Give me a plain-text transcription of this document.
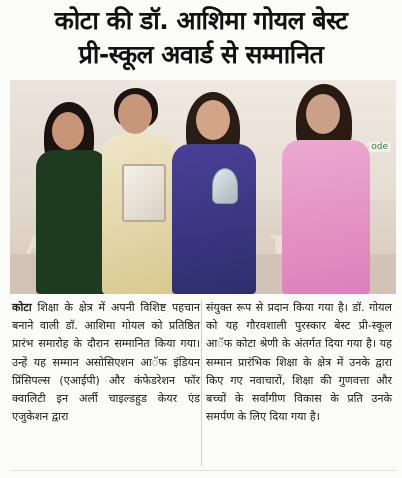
कोटा की डॉ. आशिमा गोयल बेस्ट
प्री-स्कूल अवार्ड से सम्मानित
ode

कोटा शिक्षा के क्षेत्र में अपनी विशिष्ट पहचान बनाने वाली डॉ. आशिमा गोयल को प्रतिष्ठित प्रारंभ समारोह के दौरान सम्मानित किया गया। उन्हें यह सम्मान असोसिएशन आॅफ इंडियन प्रिंसिपल्स (एआईपी) और कंफेडरेशन फॉर क्वालिटी इन अर्ली चाइल्डहुड केयर एंड एजुकेशन द्वारा

संयुक्त रूप से प्रदान किया गया है। डॉ. गोयल को यह गौरवशाली पुरस्कार बेस्ट प्री-स्कूल आॅफ कोटा श्रेणी के अंतर्गत दिया गया है। यह सम्मान प्रारंभिक शिक्षा के क्षेत्र में उनके द्वारा किए गए नवाचारों, शिक्षा की गुणवत्ता और बच्चों के सर्वांगीण विकास के प्रति उनके समर्पण के लिए दिया गया है।
